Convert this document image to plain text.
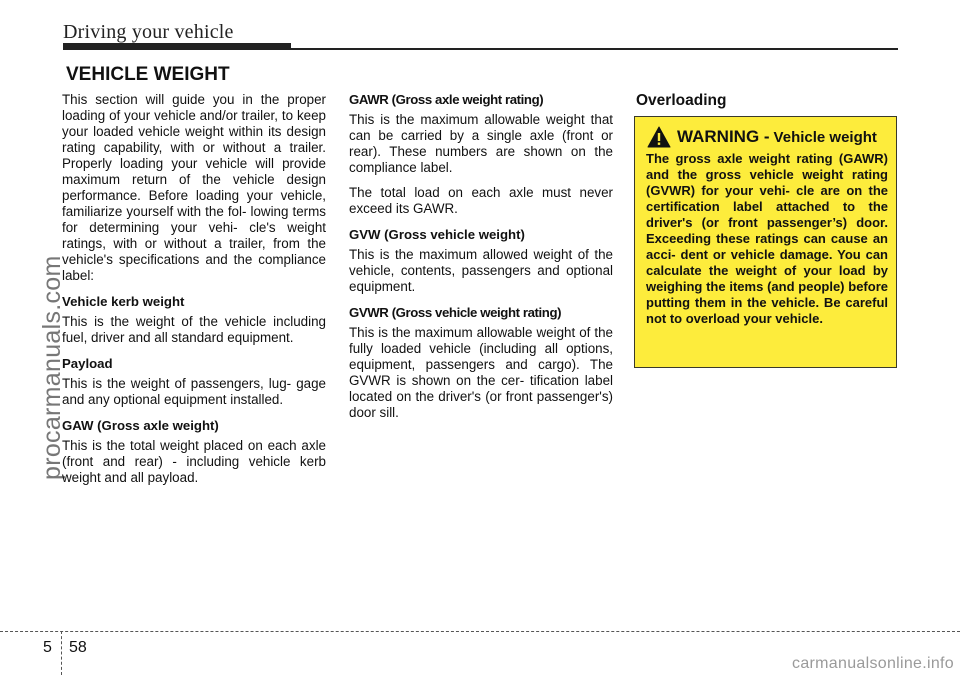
Driving your vehicle
procarmanuals.com
VEHICLE WEIGHT

This section will guide you in the proper loading of your vehicle and/or trailer, to keep your loaded vehicle weight within its design rating capability, with or without a trailer. Properly loading your vehicle will provide maximum return of the vehicle design performance. Before loading your vehicle, familiarize yourself with the fol- lowing terms for determining your vehi- cle's weight ratings, with or without a trailer, from the vehicle's specifications and the compliance label:

Vehicle kerb weight

This is the weight of the vehicle including fuel, driver and all standard equipment.

Payload

This is the weight of passengers, lug- gage and any optional equipment installed.

GAW (Gross axle weight)

This is the total weight placed on each axle (front and rear) - including vehicle kerb weight and all payload.

GAWR (Gross axle weight rating)

This is the maximum allowable weight that can be carried by a single axle (front or rear). These numbers are shown on the compliance label.

The total load on each axle must never exceed its GAWR.

GVW (Gross vehicle weight)

This is the maximum allowed weight of the vehicle, contents, passengers and optional equipment.

GVWR (Gross vehicle weight rating)

This is the maximum allowable weight of the fully loaded vehicle (including all options, equipment, passengers and cargo). The GVWR is shown on the cer- tification label located on the driver's (or front passenger's) door sill.

Overloading
WARNING - Vehicle weight
The gross axle weight rating (GAWR) and the gross vehicle weight rating (GVWR) for your vehi- cle are on the certification label attached to the driver's (or front passenger’s) door. Exceeding these ratings can cause an acci- dent or vehicle damage. You can calculate the weight of your load by weighing the items (and people) before putting them in the vehicle. Be careful not to overload your vehicle.
5 58
carmanualsonline.info
